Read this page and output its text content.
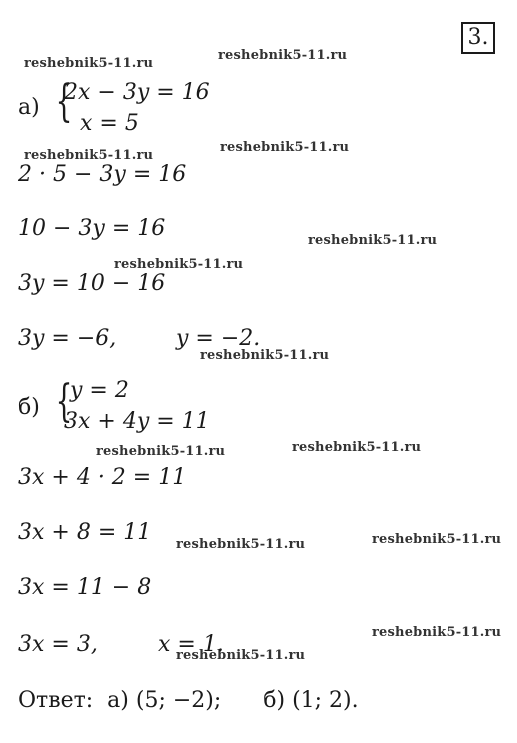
3.
reshebnik5-11.ru
reshebnik5-11.ru
reshebnik5-11.ru
reshebnik5-11.ru
reshebnik5-11.ru
reshebnik5-11.ru
reshebnik5-11.ru
reshebnik5-11.ru	reshebnik5-11.ru
reshebnik5-11.ru	reshebnik5-11.ru
reshebnik5-11.ru
reshebnik5-11.ru
а) {
2x − 3y = 16
x = 5
2 · 5 − 3y = 16
10 − 3y = 16
3y = 10 − 16
3y = −6,	y = −2.
б) {
y = 2
3x + 4y = 11
3x + 4 · 2 = 11
3x + 8 = 11
3x = 11 − 8
3x = 3,	x = 1.
Ответ:  а) (5; −2);      б) (1; 2).
